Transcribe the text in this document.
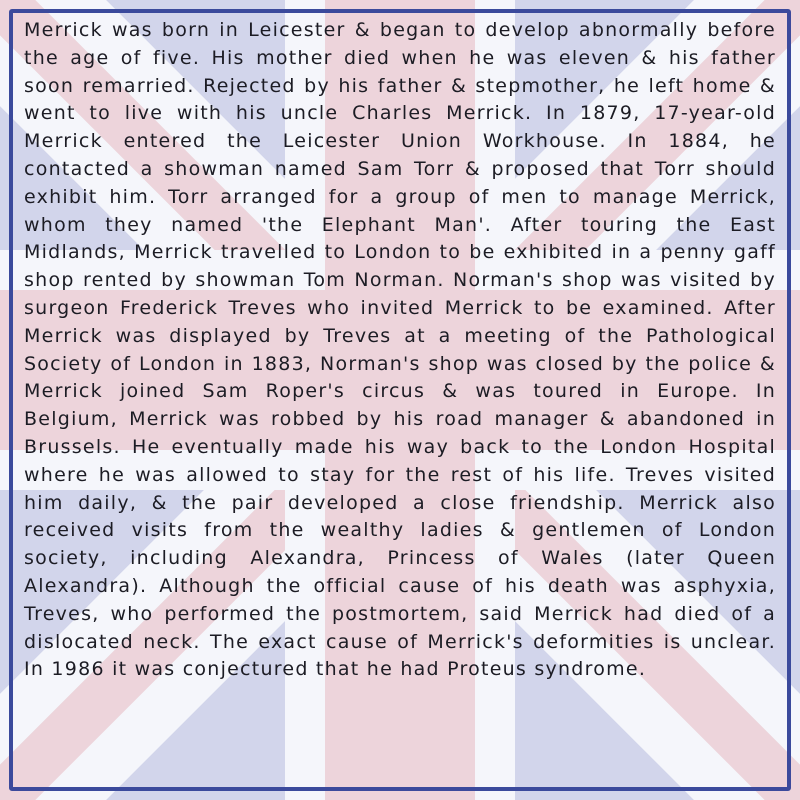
Merrick was born in Leicester & began to develop abnormally before the age of five. His mother died when he was eleven & his father soon remarried. Rejected by his father & stepmother, he left home & went to live with his uncle Charles Merrick. In 1879, 17-year-old Merrick entered the Leicester Union Workhouse. In 1884, he contacted a showman named Sam Torr & proposed that Torr should exhibit him. Torr arranged for a group of men to manage Merrick, whom they named 'the Elephant Man'. After touring the East Midlands, Merrick travelled to London to be exhibited in a penny gaff shop rented by showman Tom Norman. Norman's shop was visited by surgeon Frederick Treves who invited Merrick to be examined. After Merrick was displayed by Treves at a meeting of the Pathological Society of London in 1883, Norman's shop was closed by the police & Merrick joined Sam Roper's circus & was toured in Europe. In Belgium, Merrick was robbed by his road manager & abandoned in Brussels. He eventually made his way back to the London Hospital where he was allowed to stay for the rest of his life. Treves visited him daily, & the pair developed a close friendship. Merrick also received visits from the wealthy ladies & gentlemen of London society, including Alexandra, Princess of Wales (later Queen Alexandra). Although the official cause of his death was asphyxia, Treves, who performed the postmortem, said Merrick had died of a dislocated neck. The exact cause of Merrick's deformities is unclear. In 1986 it was conjectured that he had Proteus syndrome.
